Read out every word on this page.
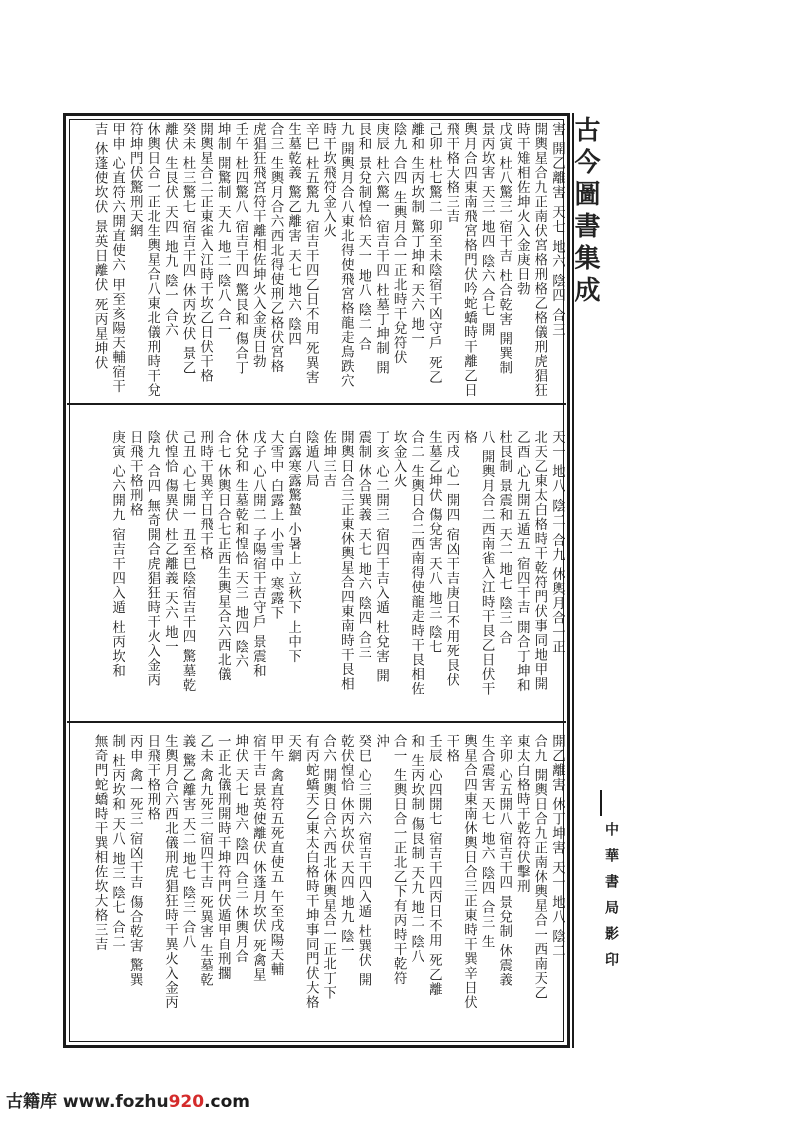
古今圖書集成
害 開乙離害 天七 地六 陰四 合三
開輿星合九正南伏宮格刑格乙格儀刑虎猖狂
時干雉相佐坤火入金庚日勃
戊寅 杜八驚三 宿干吉 杜合乾害 開巽制
景丙坎害 天三 地四 陰六 合七 開
輿月合四東南飛宮格門伏吟蛇蟜時干離乙日
飛干格大格三吉
己卯 杜七驚二 卯至未陰宿干凶守戶 死乙
離和 生丙坎制 驚丁坤和 天六 地一
陰九 合四 生輿月合一正北時干兌符伏
庚辰 杜六驚一 宿吉干四 杜墓丁坤制 開
艮和 景兌制惶恰 天一 地八 陰二 合
九 開輿月合八東北得使飛宮格龍走鳥跌穴
時干坎飛符金入火
辛巳 杜五驚九 宿吉干四乙日不用 死異害
生墓乾義 驚乙離害 天七 地六 陰四
合三 生輿月合六西北得使刑乙格伏宮格
虎猖狂飛宮符干離相佐坤火入金庚日勃
壬午 杜四驚八 宿吉干四 驚艮和 傷合丁
坤制 開驚制 天九 地二 陰八 合一
開輿星合二正東雀入江時干坎乙日伏干格
癸未 杜三驚七 宿吉干四 休丙坎伏 景乙
離伏 生艮伏 天四 地九 陰一 合六
休輿日合一正北生輿星合八東北儀刑時干兌
符坤門伏驚刑天網
甲申 心直符六開直使六 甲至亥陽天輔宿干
吉 休蓬使坎伏 景英日離伏 死丙星坤伏
天一 地八 陰二 合九 休輿月合一正
北天乙東太白格時干乾符門伏事同地甲開
乙酉 心九開五遁五 宿四干吉 開合丁坤和
杜艮制 景震和 天二 地七 陰三 合
八 開輿月合二西南雀入江時干艮乙日伏干
格
丙戌 心一開四 宿凶干吉庚日不用死艮伏
生墓乙坤伏 傷兌害 天八 地三 陰七
合二 生輿日合二西南得使龍走時干艮相佐
坎金入火
丁亥 心二開三 宿四干吉入遁 杜兌害 開
震制 休合巽義 天七 地六 陰四 合三
開輿日合三正東休輿星合四東南時干艮相
佐坤三吉
陰遁八局
白露寒露驚蟄 小暑上 立秋下 上中下
大雪中 白露上 小雪中 寒露下
戊子 心八開二 子陽宿干吉守戶 景震和
休兌和 生墓乾和惶恰 天三 地四 陰六
合七 休輿日合七正西生輿星合六西北儀
刑時干異辛日飛干格
己丑 心七開一 丑至巳陰宿吉干四 驚墓乾
伏惶恰 傷異伏 杜乙離義 天六 地一
陰九 合四 無奇開合虎猖狂時干火入金丙
日飛干格刑格
庚寅 心六開九 宿吉干四入遁 杜丙坎和
開乙離害 休丁坤害 天一 地八 陰二
合九 開輿日合九正南休輿星合一西南天乙
東太白格時干乾符伏擊刑
辛卯 心五開八 宿吉干四 景兌制 休震義
生合震害 天七 地六 陰四 合三 生
輿星合四東南休輿日合三正東時干巽辛日伏
干格
壬辰 心四開七 宿吉干四丙日不用 死乙離
和 生丙坎制 傷艮制 天九 地二 陰八
合一 生輿日合一正北乙下有丙時干乾符
沖
癸巳 心三開六 宿吉干四入遁 杜巽伏 開
乾伏惶恰 休丙坎伏 天四 地九 陰一
合六 開輿日合六西北休輿星合一正北丁下
有丙蛇蟜天乙東太白格時干坤事同門伏大格
天網
甲午 禽直符五死直使五 午至戌陽天輔
宿干吉 景英使離伏 休蓬月坎伏 死禽星
坤伏 天七 地六 陰四 合三 休輿月合
一正北儀刑開時干坤符門伏遁甲自刑擱
乙未 禽九死三 宿四干吉 死異害 生墓乾
義 驚乙離害 天二 地七 陰三 合八
生輿月合六西北儀刑虎猖狂時干異火入金丙
日飛干格刑格
丙申 禽一死三 宿凶干吉 傷合乾害 驚巽
制 杜丙坎和 天八 地三 陰七 合二
無奇門蛇蟜時干巽相佐坎大格三吉	中華書局影印
古籍库 www.fozhu920.com
